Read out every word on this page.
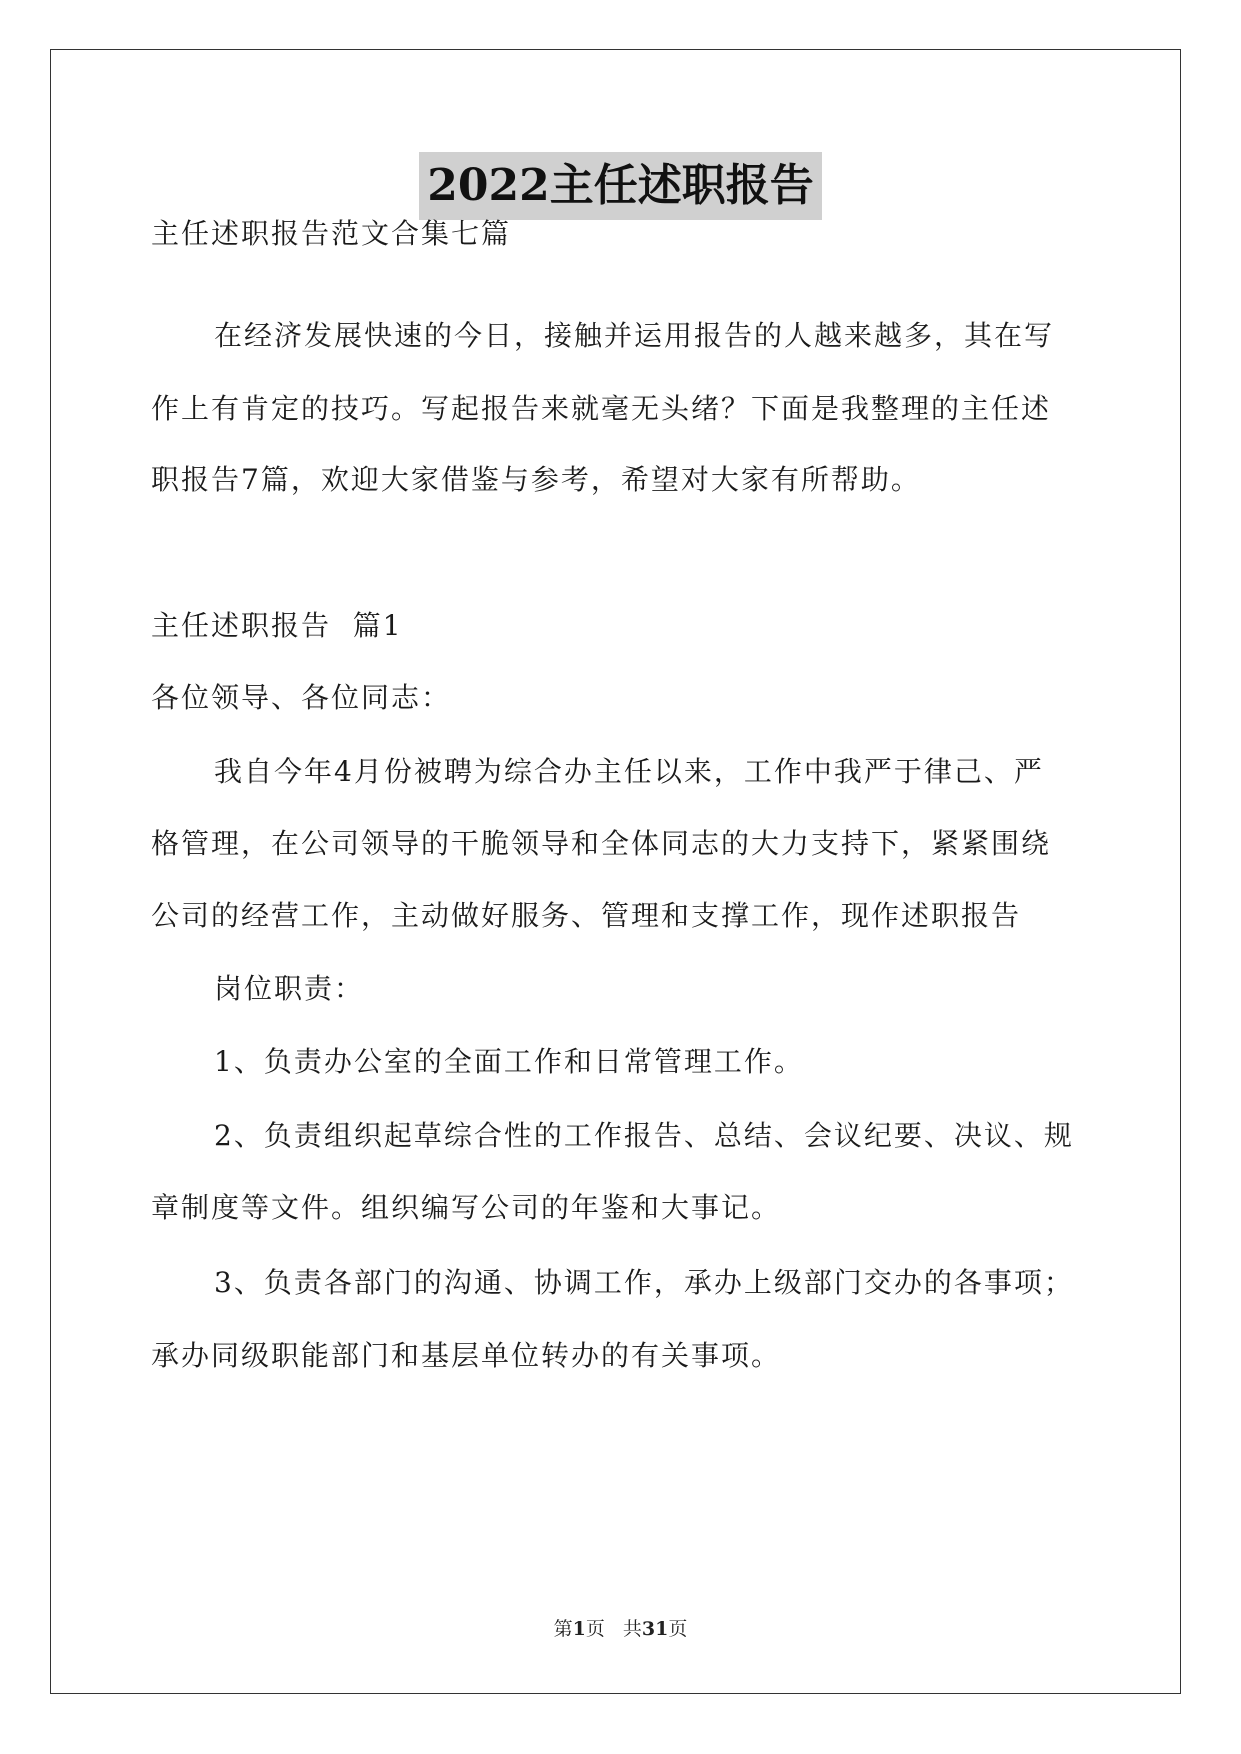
2022主任述职报告
主任述职报告范文合集七篇
在经济发展快速的今日，接触并运用报告的人越来越多，其在写
作上有肯定的技巧。写起报告来就毫无头绪？下面是我整理的主任述
职报告7篇，欢迎大家借鉴与参考，希望对大家有所帮助。
主任述职报告  篇1
各位领导、各位同志：
我自今年4月份被聘为综合办主任以来，工作中我严于律己、严
格管理，在公司领导的干脆领导和全体同志的大力支持下，紧紧围绕
公司的经营工作，主动做好服务、管理和支撑工作，现作述职报告
岗位职责：
1、负责办公室的全面工作和日常管理工作。
2、负责组织起草综合性的工作报告、总结、会议纪要、决议、规
章制度等文件。组织编写公司的年鉴和大事记。
3、负责各部门的沟通、协调工作，承办上级部门交办的各事项；
承办同级职能部门和基层单位转办的有关事项。
第1页 共31页
